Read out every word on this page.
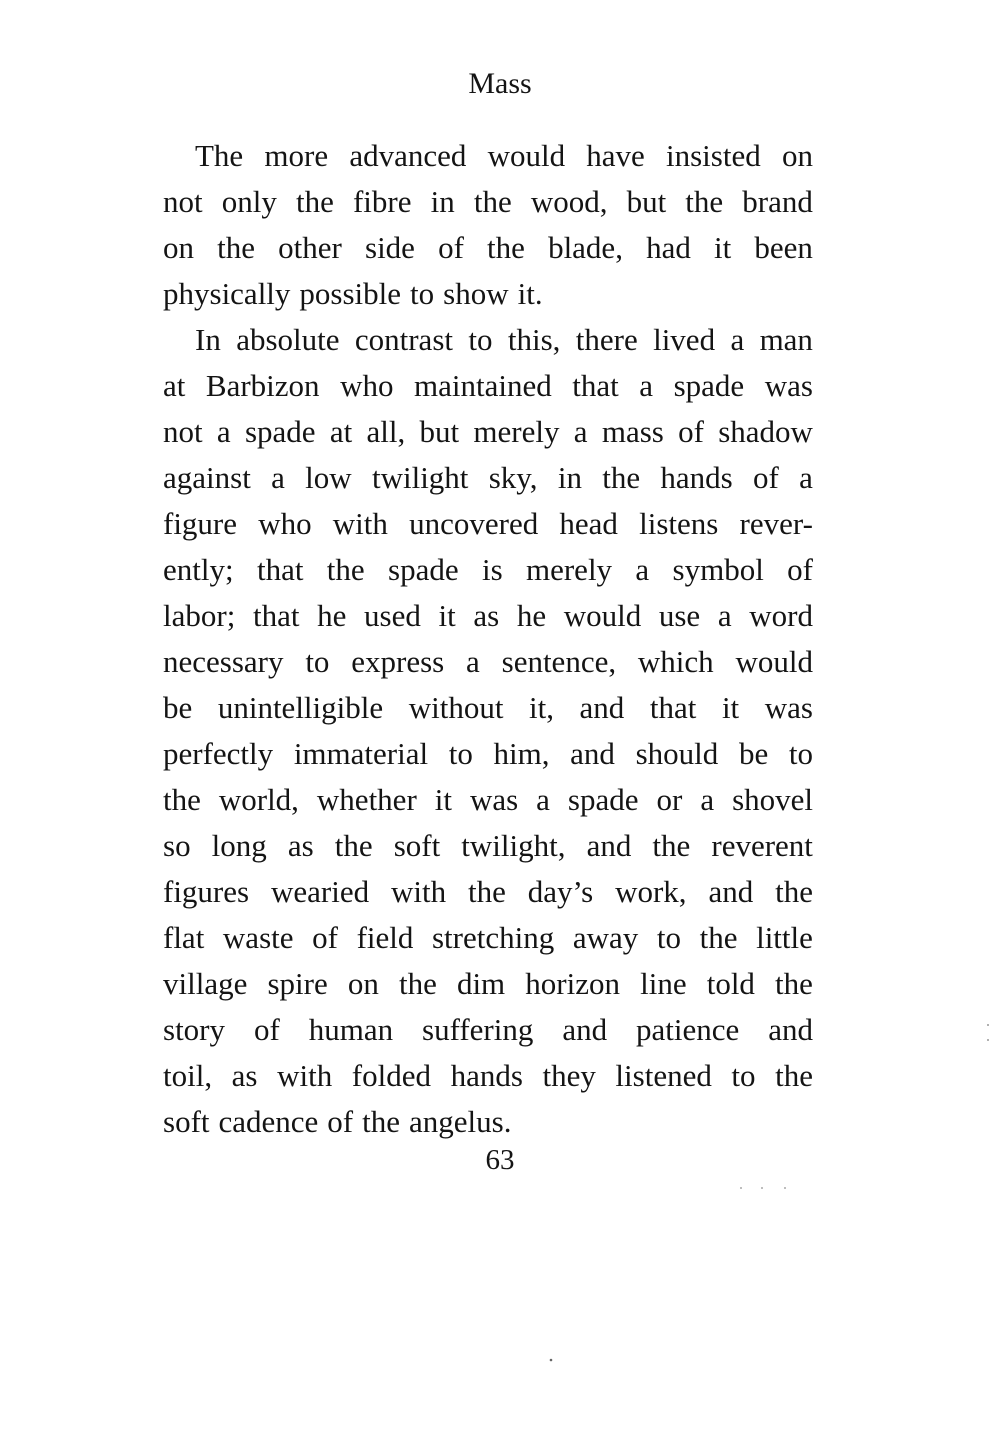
Mass
The more advanced would have insisted on
not only the fibre in the wood, but the brand
on the other side of the blade, had it been
physically possible to show it.
In absolute contrast to this, there lived a man
at Barbizon who maintained that a spade was
not a spade at all, but merely a mass of shadow
against a low twilight sky, in the hands of a
figure who with uncovered head listens rever-
ently; that the spade is merely a symbol of
labor; that he used it as he would use a word
necessary to express a sentence, which would
be unintelligible without it, and that it was
perfectly immaterial to him, and should be to
the world, whether it was a spade or a shovel
so long as the soft twilight, and the reverent
figures wearied with the day’s work, and the
flat waste of field stretching away to the little
village spire on the dim horizon line told the
story of human suffering and patience and
toil, as with folded hands they listened to the
soft cadence of the angelus.
63
